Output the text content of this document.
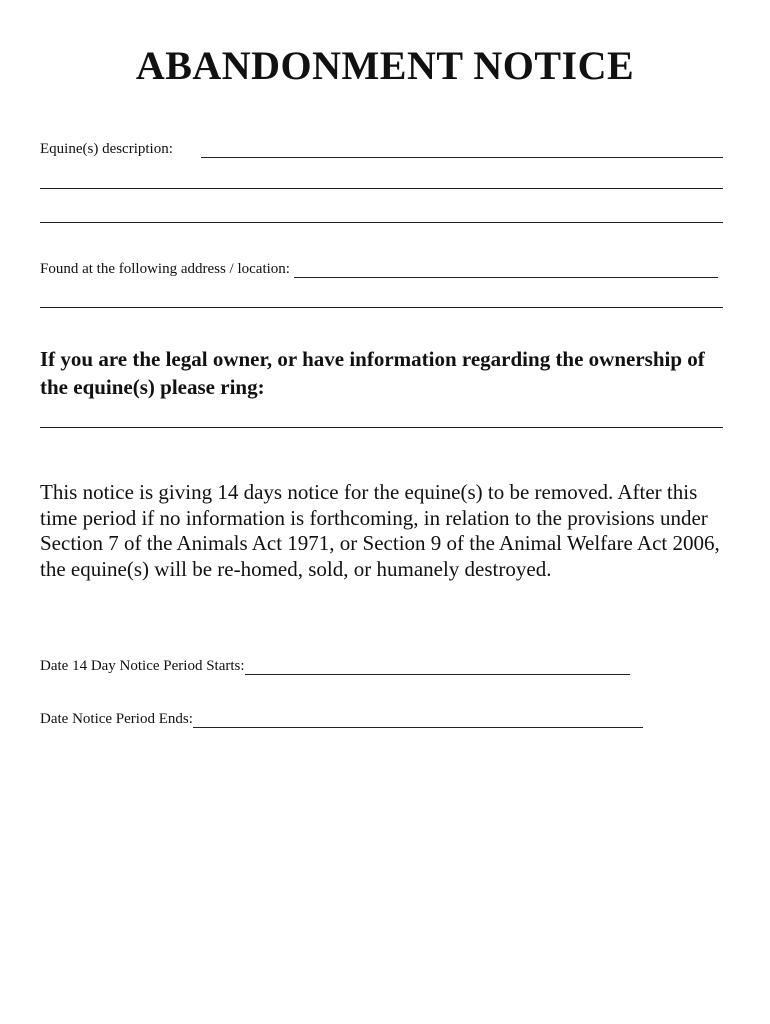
ABANDONMENT NOTICE
Equine(s) description:
Found at the following address / location:
If you are the legal owner, or have information regarding the ownership of the equine(s) please ring:
This notice is giving 14 days notice for the equine(s) to be removed. After this time period if no information is forthcoming, in relation to the provisions under Section 7 of the Animals Act 1971, or Section 9 of the Animal Welfare Act 2006, the equine(s) will be re-homed, sold, or humanely destroyed.
Date 14 Day Notice Period Starts:
Date Notice Period Ends:
